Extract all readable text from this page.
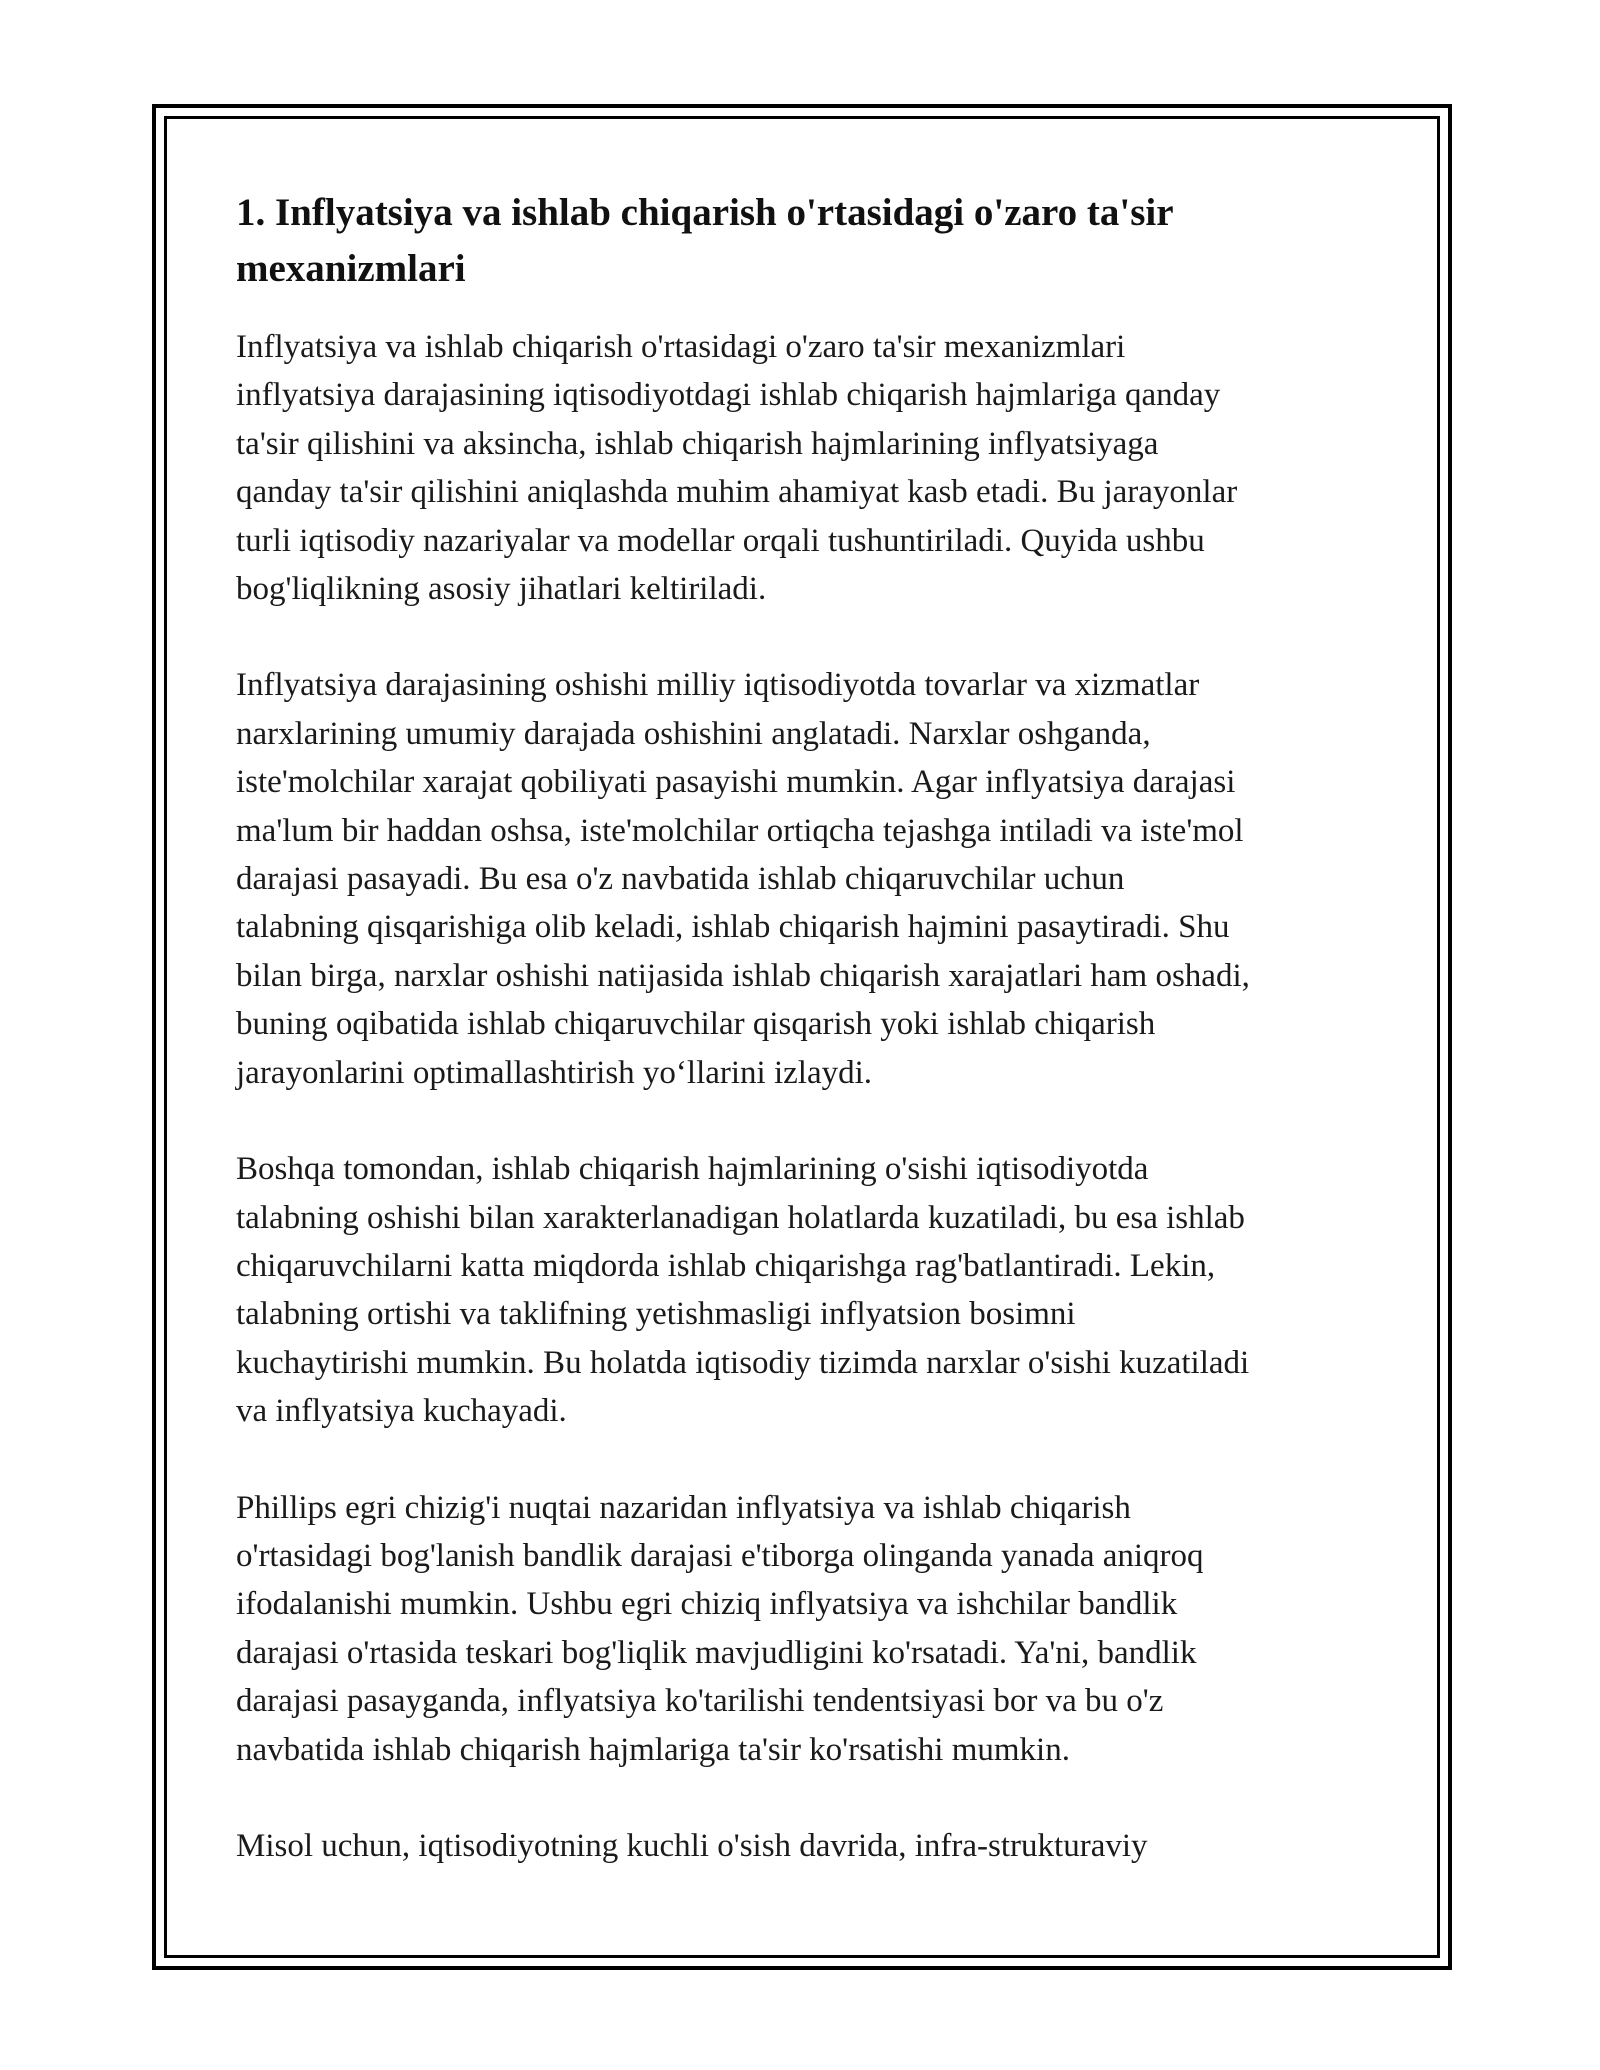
1. Inflyatsiya va ishlab chiqarish o'rtasidagi o'zaro ta'sir mexanizmlari

Inflyatsiya va ishlab chiqarish o'rtasidagi o'zaro ta'sir mexanizmlari
inflyatsiya darajasining iqtisodiyotdagi ishlab chiqarish hajmlariga qanday
ta'sir qilishini va aksincha, ishlab chiqarish hajmlarining inflyatsiyaga
qanday ta'sir qilishini aniqlashda muhim ahamiyat kasb etadi. Bu jarayonlar
turli iqtisodiy nazariyalar va modellar orqali tushuntiriladi. Quyida ushbu
bog'liqlikning asosiy jihatlari keltiriladi.

Inflyatsiya darajasining oshishi milliy iqtisodiyotda tovarlar va xizmatlar
narxlarining umumiy darajada oshishini anglatadi. Narxlar oshganda,
iste'molchilar xarajat qobiliyati pasayishi mumkin. Agar inflyatsiya darajasi
ma'lum bir haddan oshsa, iste'molchilar ortiqcha tejashga intiladi va iste'mol
darajasi pasayadi. Bu esa o'z navbatida ishlab chiqaruvchilar uchun
talabning qisqarishiga olib keladi, ishlab chiqarish hajmini pasaytiradi. Shu
bilan birga, narxlar oshishi natijasida ishlab chiqarish xarajatlari ham oshadi,
buning oqibatida ishlab chiqaruvchilar qisqarish yoki ishlab chiqarish
jarayonlarini optimallashtirish yo‘llarini izlaydi.

Boshqa tomondan, ishlab chiqarish hajmlarining o'sishi iqtisodiyotda
talabning oshishi bilan xarakterlanadigan holatlarda kuzatiladi, bu esa ishlab
chiqaruvchilarni katta miqdorda ishlab chiqarishga rag'batlantiradi. Lekin,
talabning ortishi va taklifning yetishmasligi inflyatsion bosimni
kuchaytirishi mumkin. Bu holatda iqtisodiy tizimda narxlar o'sishi kuzatiladi
va inflyatsiya kuchayadi.

Phillips egri chizig'i nuqtai nazaridan inflyatsiya va ishlab chiqarish
o'rtasidagi bog'lanish bandlik darajasi e'tiborga olinganda yanada aniqroq
ifodalanishi mumkin. Ushbu egri chiziq inflyatsiya va ishchilar bandlik
darajasi o'rtasida teskari bog'liqlik mavjudligini ko'rsatadi. Ya'ni, bandlik
darajasi pasayganda, inflyatsiya ko'tarilishi tendentsiyasi bor va bu o'z
navbatida ishlab chiqarish hajmlariga ta'sir ko'rsatishi mumkin.

Misol uchun, iqtisodiyotning kuchli o'sish davrida, infra-strukturaviy
